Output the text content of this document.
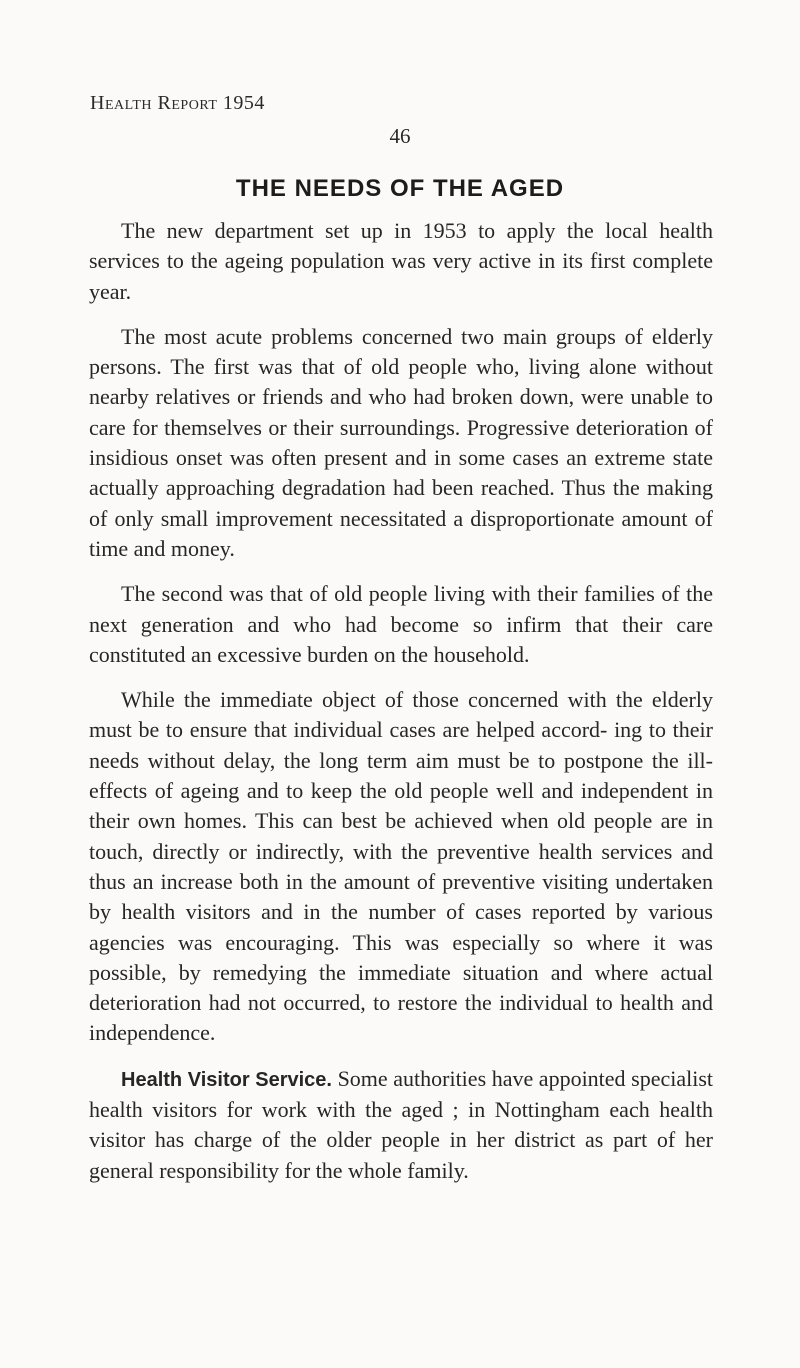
Health Report 1954
46
THE NEEDS OF THE AGED

The new department set up in 1953 to apply the local health services to the ageing population was very active in its first complete year.

The most acute problems concerned two main groups of elderly persons. The first was that of old people who, living alone without nearby relatives or friends and who had broken down, were unable to care for themselves or their surroundings. Progressive deterioration of insidious onset was often present and in some cases an extreme state actually approaching degradation had been reached. Thus the making of only small improvement necessitated a disproportionate amount of time and money.

The second was that of old people living with their families of the next generation and who had become so infirm that their care constituted an excessive burden on the household.

While the immediate object of those concerned with the elderly must be to ensure that individual cases are helped accord- ing to their needs without delay, the long term aim must be to postpone the ill-effects of ageing and to keep the old people well and independent in their own homes. This can best be achieved when old people are in touch, directly or indirectly, with the preventive health services and thus an increase both in the amount of preventive visiting undertaken by health visitors and in the number of cases reported by various agencies was encouraging. This was especially so where it was possible, by remedying the immediate situation and where actual deterioration had not occurred, to restore the individual to health and independence.

Health Visitor Service. Some authorities have appointed specialist health visitors for work with the aged ; in Nottingham each health visitor has charge of the older people in her district as part of her general responsibility for the whole family.
